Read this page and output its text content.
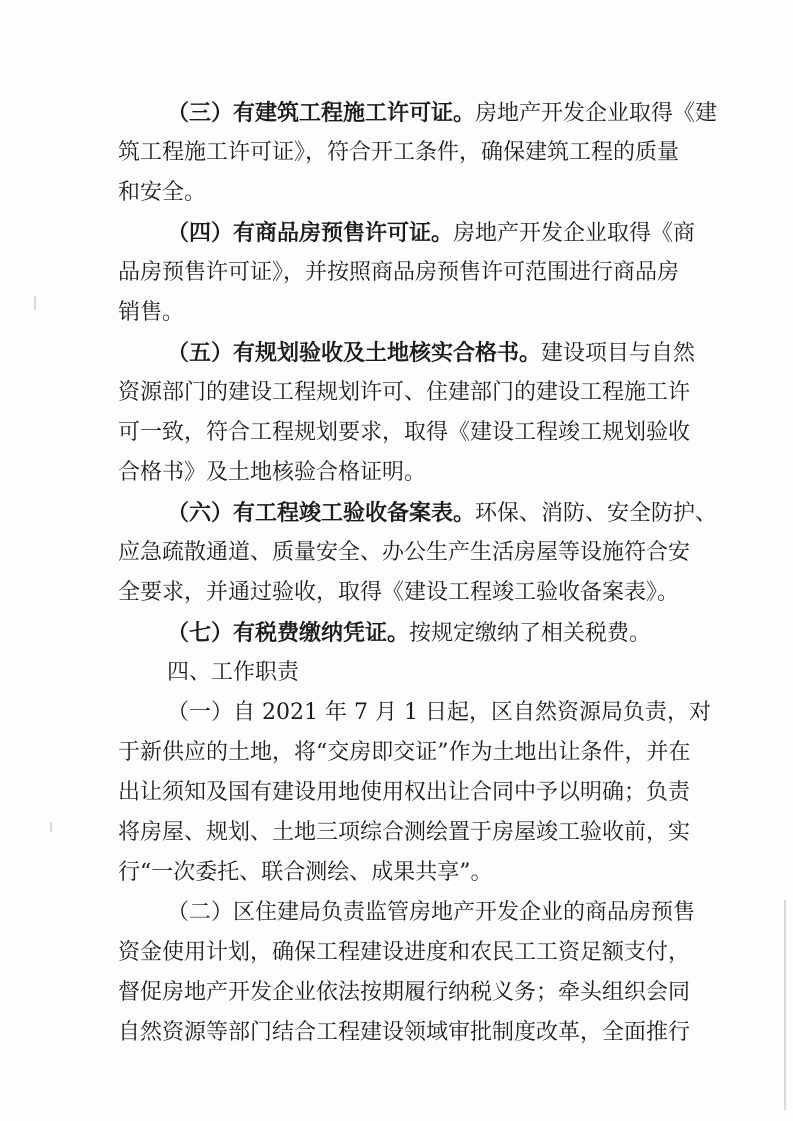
（三）有建筑工程施工许可证。房地产开发企业取得《建
筑工程施工许可证》，符合开工条件，确保建筑工程的质量
和安全。
（四）有商品房预售许可证。房地产开发企业取得《商
品房预售许可证》，并按照商品房预售许可范围进行商品房
销售。
（五）有规划验收及土地核实合格书。建设项目与自然
资源部门的建设工程规划许可、住建部门的建设工程施工许
可一致，符合工程规划要求，取得《建设工程竣工规划验收
合格书》及土地核验合格证明。
（六）有工程竣工验收备案表。环保、消防、安全防护、
应急疏散通道、质量安全、办公生产生活房屋等设施符合安
全要求，并通过验收，取得《建设工程竣工验收备案表》。
（七）有税费缴纳凭证。按规定缴纳了相关税费。
四、工作职责
（一）自 2021 年 7 月 1 日起，区自然资源局负责，对
于新供应的土地，将“交房即交证”作为土地出让条件，并在
出让须知及国有建设用地使用权出让合同中予以明确；负责
将房屋、规划、土地三项综合测绘置于房屋竣工验收前，实
行“一次委托、联合测绘、成果共享”。
（二）区住建局负责监管房地产开发企业的商品房预售
资金使用计划，确保工程建设进度和农民工工资足额支付，
督促房地产开发企业依法按期履行纳税义务；牵头组织会同
自然资源等部门结合工程建设领域审批制度改革，全面推行
